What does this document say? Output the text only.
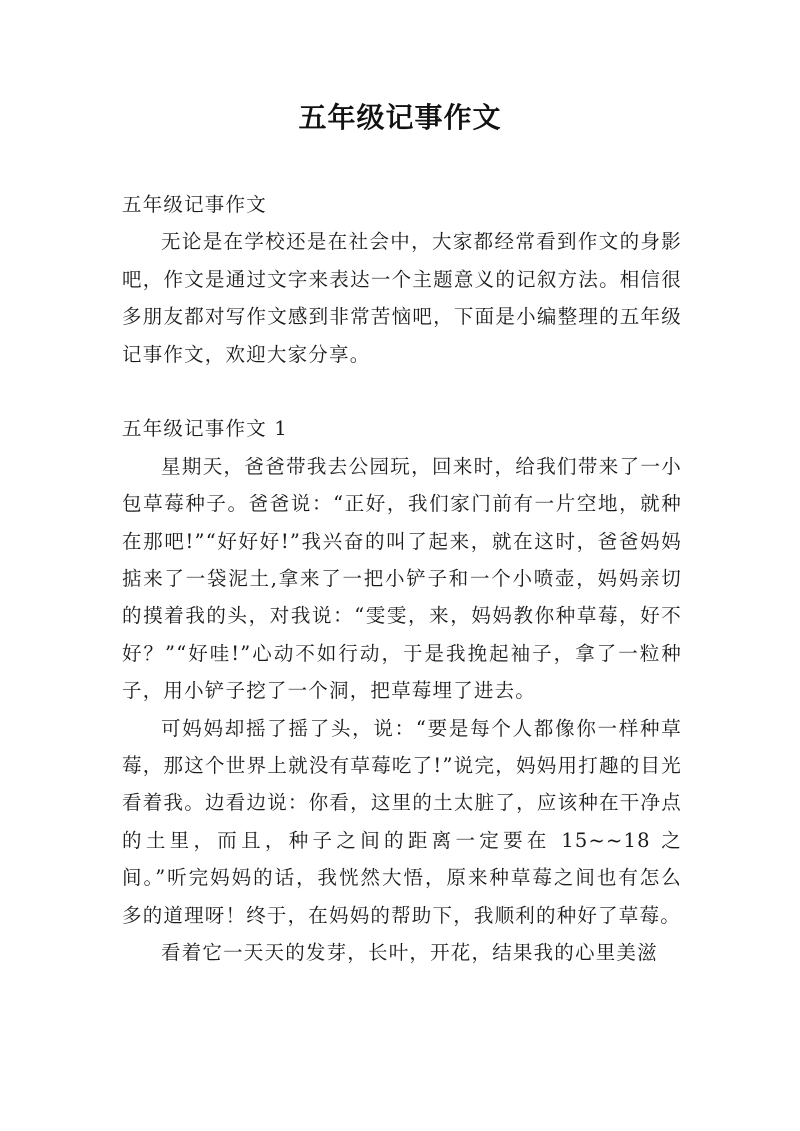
五年级记事作文

五年级记事作文

无论是在学校还是在社会中，大家都经常看到作文的身影吧，作文是通过文字来表达一个主题意义的记叙方法。相信很多朋友都对写作文感到非常苦恼吧，下面是小编整理的五年级记事作文，欢迎大家分享。

五年级记事作文 1

星期天，爸爸带我去公园玩，回来时，给我们带来了一小包草莓种子。爸爸说：“正好，我们家门前有一片空地，就种在那吧!”“好好好!”我兴奋的叫了起来，就在这时，爸爸妈妈掂来了一袋泥土,拿来了一把小铲子和一个小喷壶，妈妈亲切的摸着我的头，对我说：“雯雯，来，妈妈教你种草莓，好不好？”“好哇!”心动不如行动，于是我挽起袖子，拿了一粒种子，用小铲子挖了一个洞，把草莓埋了进去。

可妈妈却摇了摇了头，说：“要是每个人都像你一样种草莓，那这个世界上就没有草莓吃了!”说完，妈妈用打趣的目光看着我。边看边说：你看，这里的土太脏了，应该种在干净点的土里，而且，种子之间的距离一定要在 15~~18 之间。”听完妈妈的话，我恍然大悟，原来种草莓之间也有怎么多的道理呀！终于，在妈妈的帮助下，我顺利的种好了草莓。

看着它一天天的发芽，长叶，开花，结果我的心里美滋
